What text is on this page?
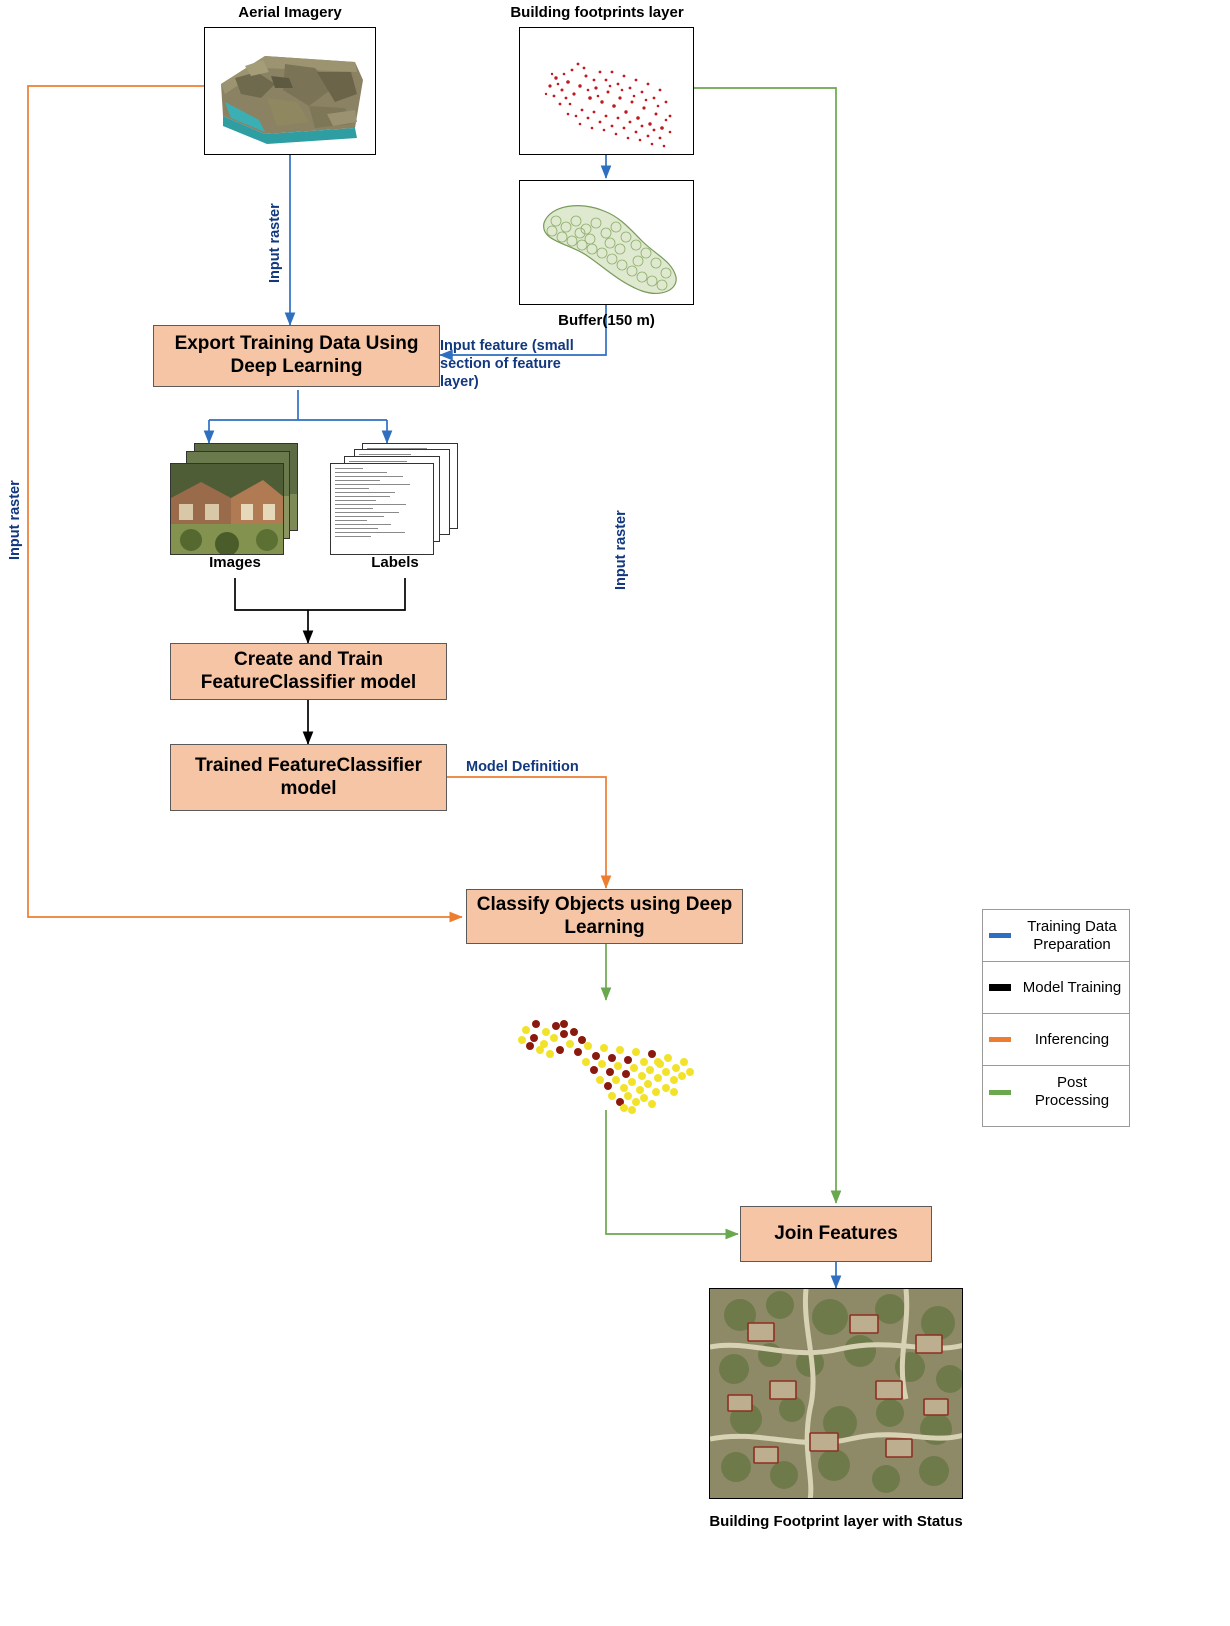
Aerial Imagery	Building footprints layer
Buffer(150 m)
Export Training Data Using Deep Learning
Input raster
Input raster	Input raster
Input feature (small section of feature layer)
Images	Labels
Create and Train FeatureClassifier model
Trained FeatureClassifier model
Model Definition
Classify Objects using Deep Learning
Join Features
Building Footprint layer with Status
Training Data Preparation
Model Training
Inferencing
Post Processing
